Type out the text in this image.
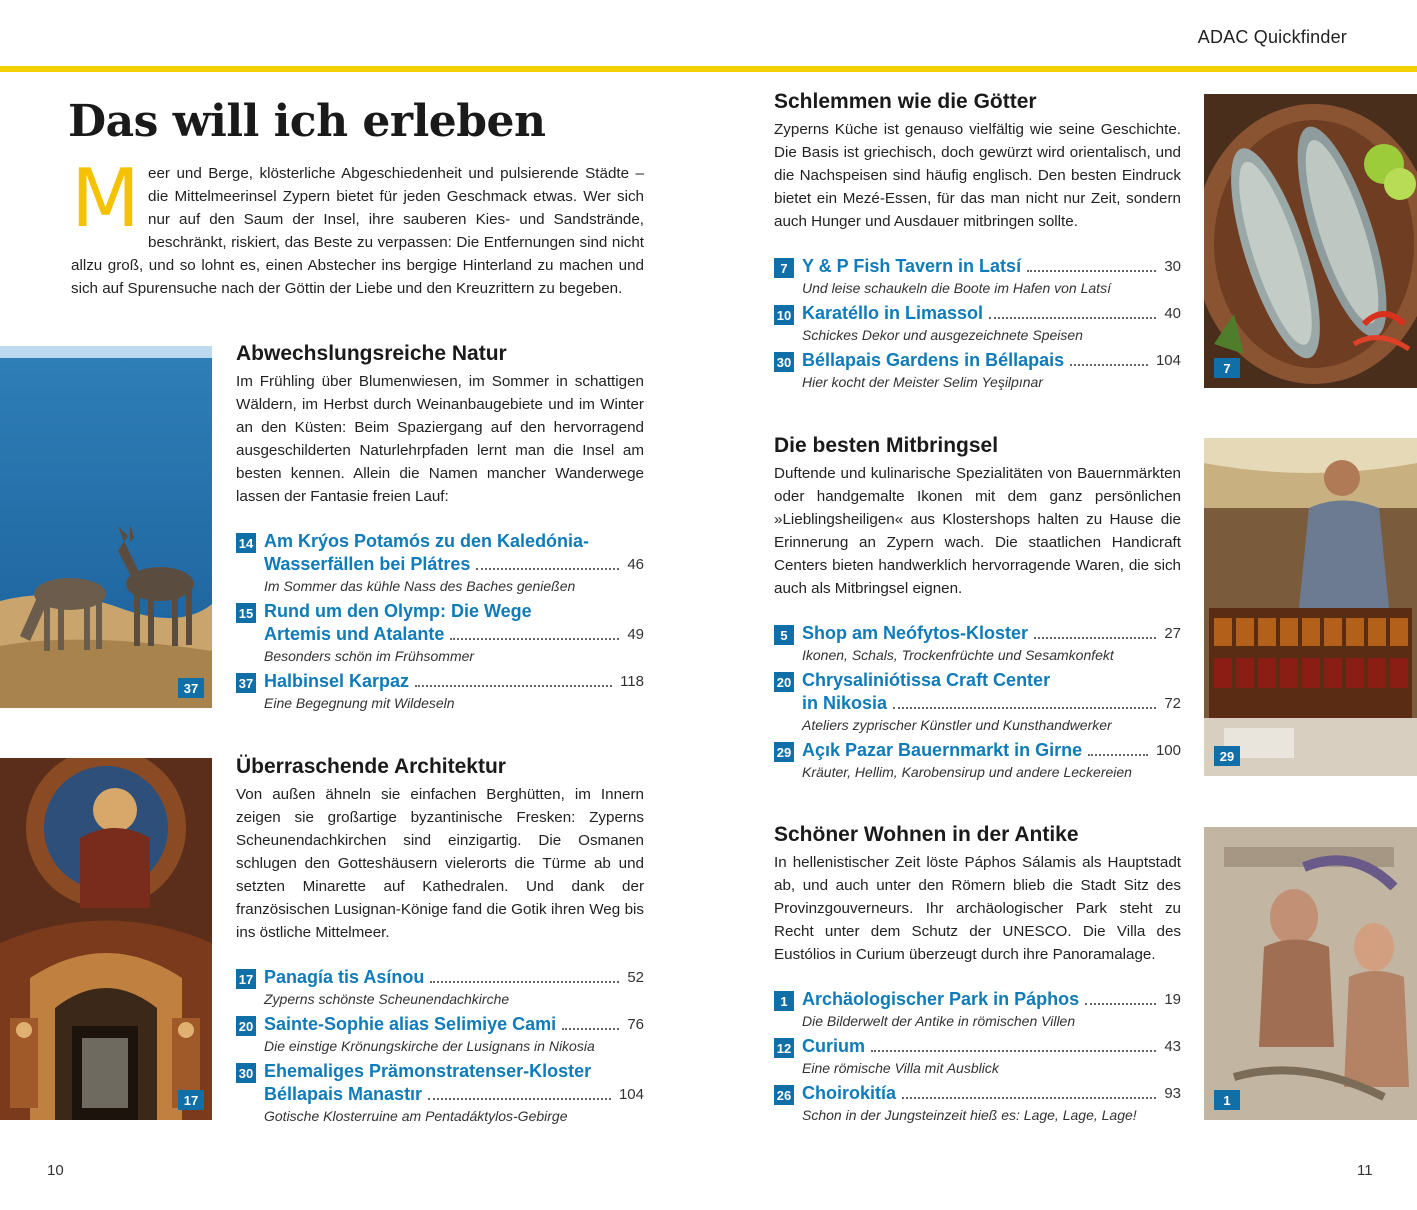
ADAC Quickfinder
Das will ich erleben

Meer und Berge, klösterliche Abgeschiedenheit und pulsierende Städte – die Mittelmeerinsel Zypern bietet für jeden Geschmack etwas. Wer sich nur auf den Saum der Insel, ihre sauberen Kies- und Sandstrände, beschränkt, riskiert, das Beste zu verpassen: Die Entfernungen sind nicht allzu groß, und so lohnt es, einen Abstecher ins bergige Hinterland zu machen und sich auf Spurensuche nach der Göttin der Liebe und den Kreuzrittern zu begeben.

37
17
7
29
1
Abwechslungsreiche Natur

Im Frühling über Blumenwiesen, im Sommer in schattigen Wäldern, im Herbst durch Weinanbaugebiete und im Winter an den Küsten: Beim Spaziergang auf den hervorragend ausgeschilderten Naturlehrpfaden lernt man die Insel am besten kennen. Allein die Namen mancher Wanderwege lassen der Fantasie freien Lauf:

14 Am Krýos Potamós zu den Kaledónia-
Wasserfällen bei Plátres	46
Im Sommer das kühle Nass des Baches genießen
15 Rund um den Olymp: Die Wege
Artemis und Atalante	49
Besonders schön im Frühsommer
37 Halbinsel Karpaz	118
Eine Begegnung mit Wildeseln
Überraschende Architektur

Von außen ähneln sie einfachen Berghütten, im Innern zeigen sie großartige byzantinische Fresken: Zyperns Scheunendachkirchen sind einzigartig. Die Osmanen schlugen den Gotteshäusern vielerorts die Türme ab und setzten Minarette auf Kathedralen. Und dank der französischen Lusignan-Könige fand die Gotik ihren Weg bis ins östliche Mittelmeer.

17 Panagía tis Asínou	52
Zyperns schönste Scheunendachkirche
20 Sainte-Sophie alias Selimiye Cami	76
Die einstige Krönungskirche der Lusignans in Nikosia
30 Ehemaliges Prämonstratenser-Kloster
Béllapais Manastır	104
Gotische Klosterruine am Pentadáktylos-Gebirge
Schlemmen wie die Götter

Zyperns Küche ist genauso vielfältig wie seine Geschichte. Die Basis ist griechisch, doch gewürzt wird orientalisch, und die Nachspeisen sind häufig englisch. Den besten Eindruck bietet ein Mezé-Essen, für das man nicht nur Zeit, sondern auch Hunger und Ausdauer mitbringen sollte.

7 Y & P Fish Tavern in Latsí	30
Und leise schaukeln die Boote im Hafen von Latsí
10 Karatéllo in Limassol	40
Schickes Dekor und ausgezeichnete Speisen
30 Béllapais Gardens in Béllapais	104
Hier kocht der Meister Selim Yeşilpınar
Die besten Mitbringsel

Duftende und kulinarische Spezialitäten von Bauernmärkten oder handgemalte Ikonen mit dem ganz persönlichen »Lieblingsheiligen« aus Klostershops halten zu Hause die Erinnerung an Zypern wach. Die staatlichen Handicraft Centers bieten handwerklich hervorragende Waren, die sich auch als Mitbringsel eignen.

5 Shop am Neófytos-Kloster	27
Ikonen, Schals, Trockenfrüchte und Sesamkonfekt
20 Chrysaliniótissa Craft Center
in Nikosia	72
Ateliers zyprischer Künstler und Kunsthandwerker
29 Açık Pazar Bauernmarkt in Girne	100
Kräuter, Hellim, Karobensirup und andere Leckereien
Schöner Wohnen in der Antike

In hellenistischer Zeit löste Páphos Sálamis als Hauptstadt ab, und auch unter den Römern blieb die Stadt Sitz des Provinzgouverneurs. Ihr archäologischer Park steht zu Recht unter dem Schutz der UNESCO. Die Villa des Eustólios in Curium überzeugt durch ihre Panoramalage.

1 Archäologischer Park in Páphos	19
Die Bilderwelt der Antike in römischen Villen
12 Curium	43
Eine römische Villa mit Ausblick
26 Choirokitía	93
Schon in der Jungsteinzeit hieß es: Lage, Lage, Lage!
10	11
